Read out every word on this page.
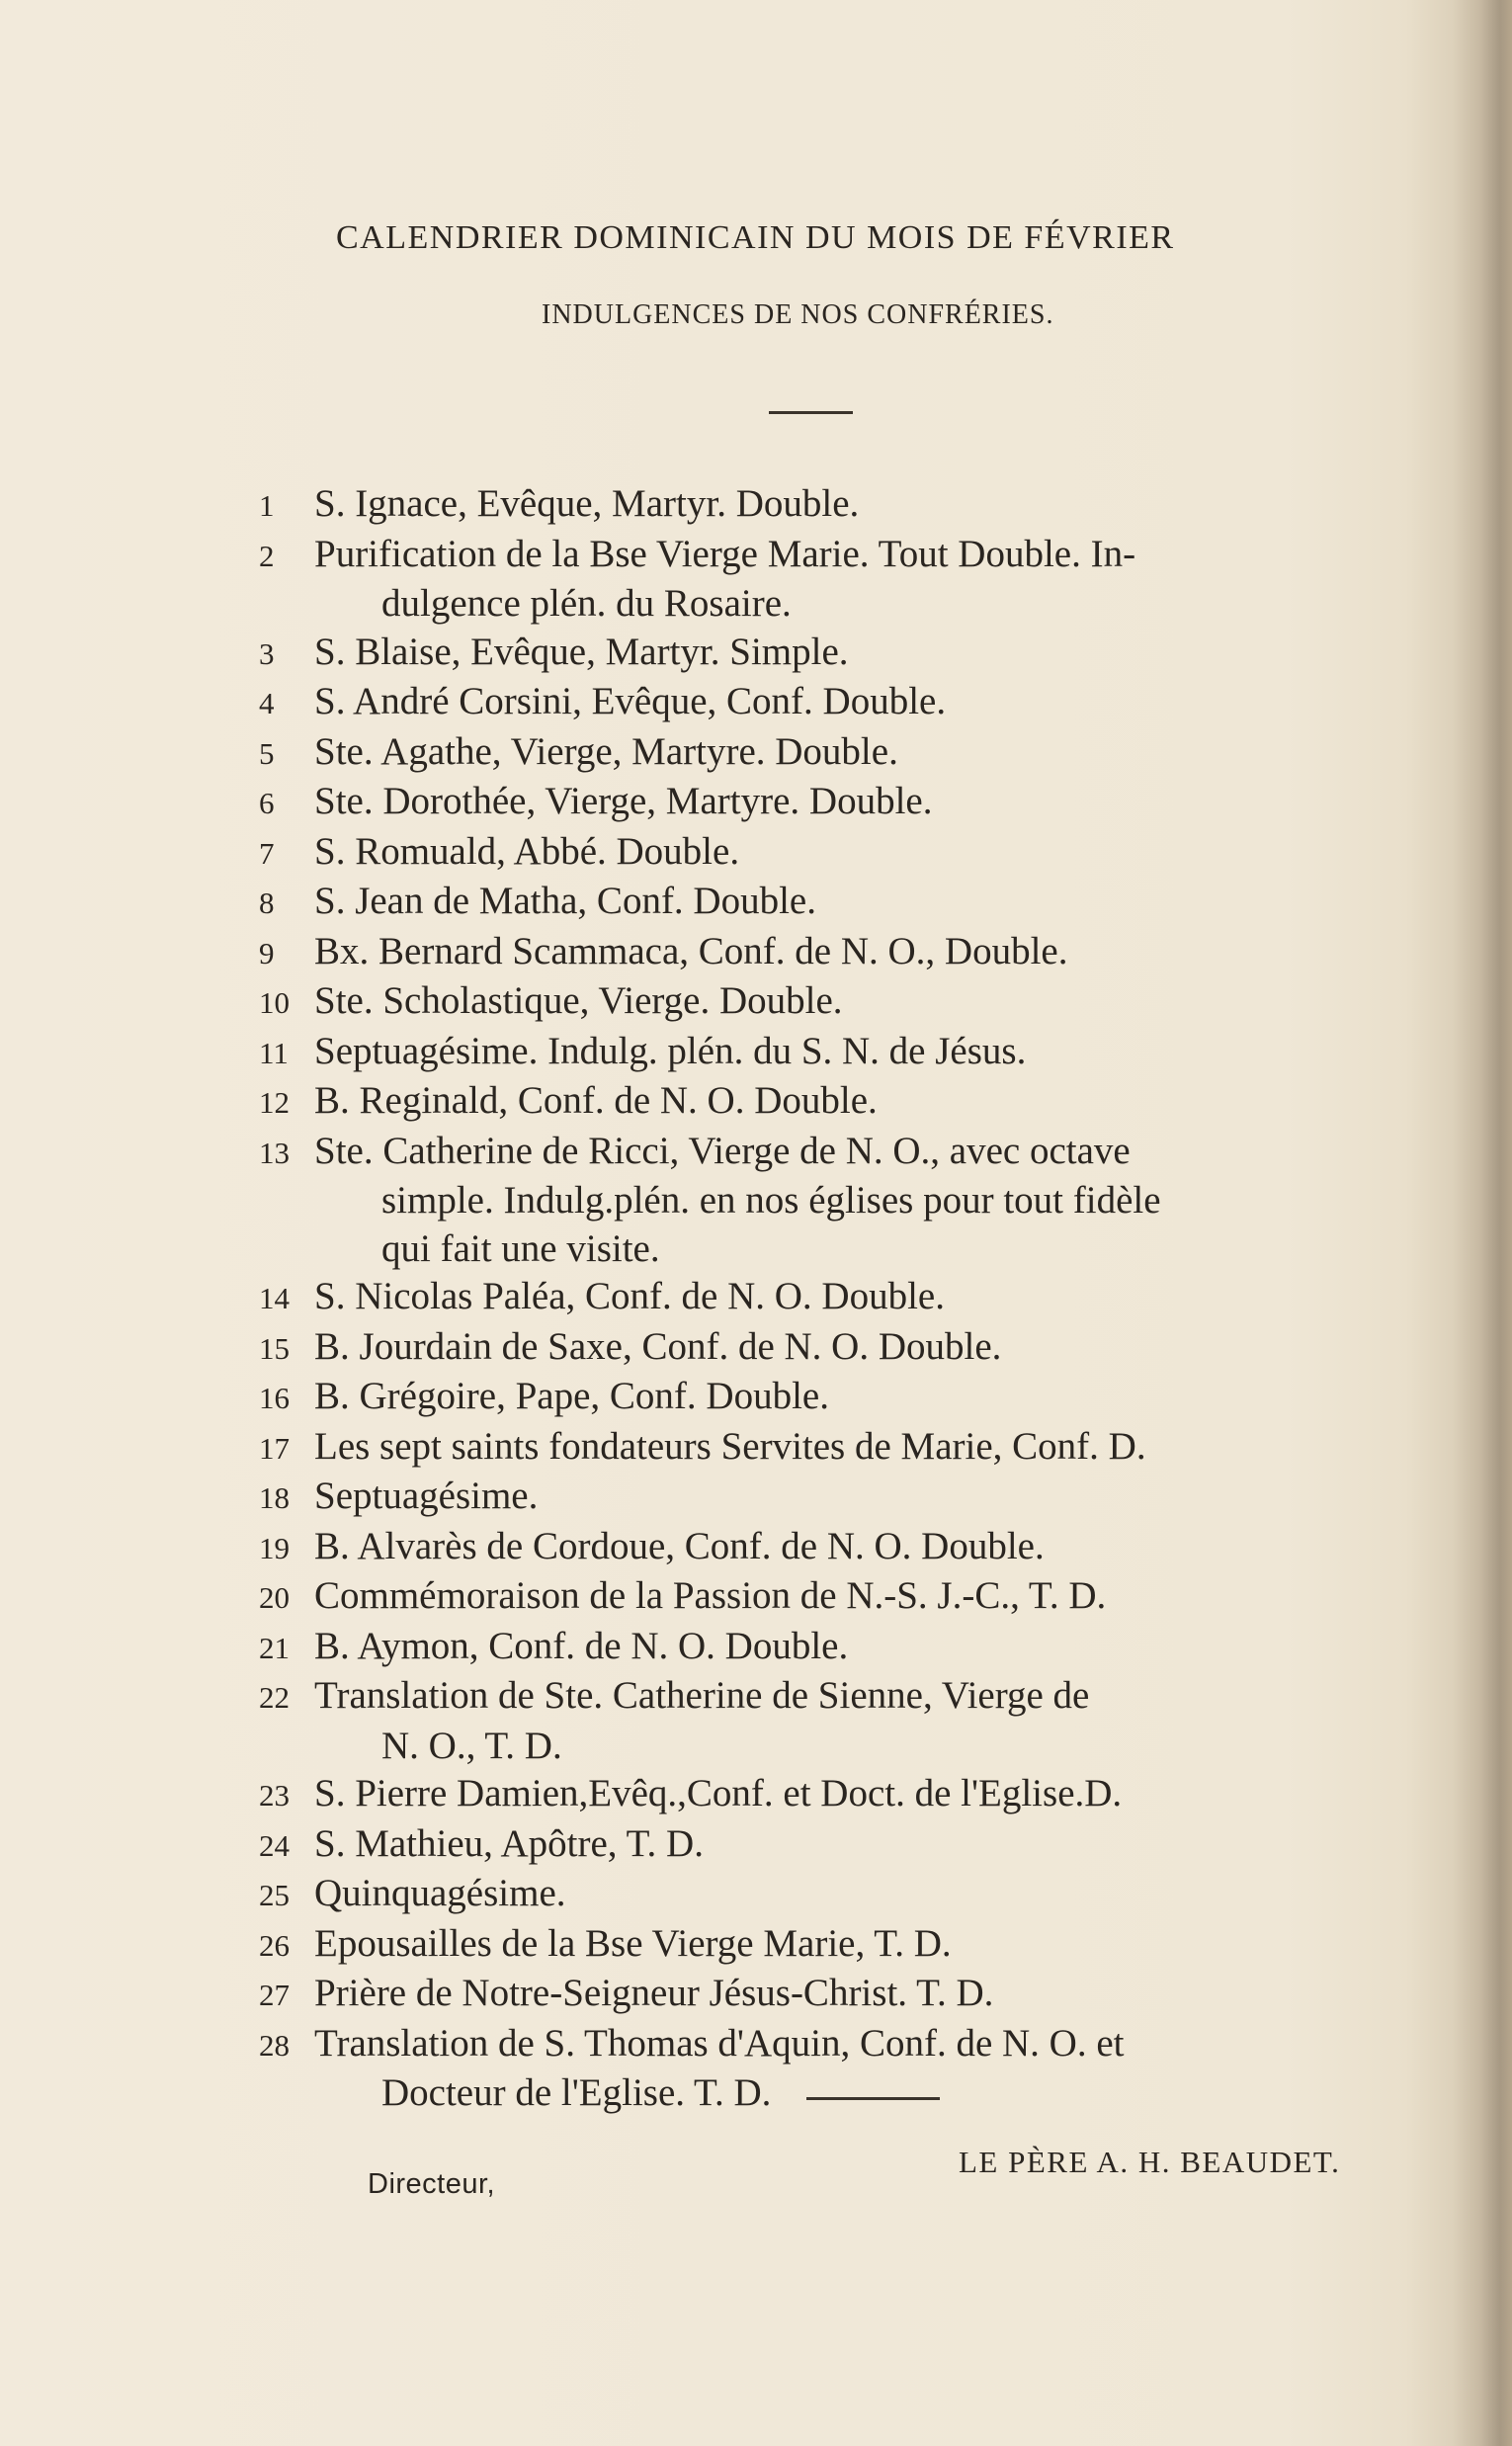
CALENDRIER DOMINICAIN DU MOIS DE FÉVRIER
INDULGENCES DE NOS CONFRÉRIES.
1	S. Ignace, Evêque, Martyr. Double.
2	Purification de la Bse Vierge Marie. Tout Double. In-
dulgence plén. du Rosaire.
3	S. Blaise, Evêque, Martyr. Simple.
4	S. André Corsini, Evêque, Conf. Double.
5	Ste. Agathe, Vierge, Martyre. Double.
6	Ste. Dorothée, Vierge, Martyre. Double.
7	S. Romuald, Abbé. Double.
8	S. Jean de Matha, Conf. Double.
9	Bx. Bernard Scammaca, Conf. de N. O., Double.
10 Ste. Scholastique, Vierge. Double.
11 Septuagésime. Indulg. plén. du S. N. de Jésus.
12 B. Reginald, Conf. de N. O. Double.
13 Ste. Catherine de Ricci, Vierge de N. O., avec octave
simple. Indulg.plén. en nos églises pour tout fidèle
qui fait une visite.
14 S. Nicolas Paléa, Conf. de N. O. Double.
15 B. Jourdain de Saxe, Conf. de N. O. Double.
16 B. Grégoire, Pape, Conf. Double.
17 Les sept saints fondateurs Servites de Marie, Conf. D.
18 Septuagésime.
19 B. Alvarès de Cordoue, Conf. de N. O. Double.
20 Commémoraison de la Passion de N.-S. J.-C., T. D.
21 B. Aymon, Conf. de N. O. Double.
22 Translation de Ste. Catherine de Sienne, Vierge de
N. O., T. D.
23 S. Pierre Damien,Evêq.,Conf. et Doct. de l'Eglise.D.
24 S. Mathieu, Apôtre, T. D.
25 Quinquagésime.
26 Epousailles de la Bse Vierge Marie, T. D.
27 Prière de Notre-Seigneur Jésus-Christ. T. D.
28 Translation de S. Thomas d'Aquin, Conf. de N. O. et
Docteur de l'Eglise. T. D.
Directeur,
LE PÈRE A. H. BEAUDET.
